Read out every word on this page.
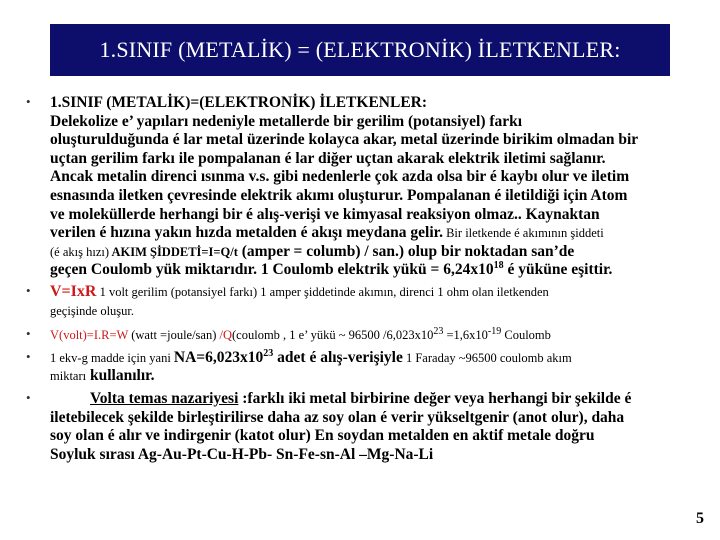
1.SINIF (METALİK) = (ELEKTRONİK) İLETKENLER:
• 1.SINIF (METALİK)=(ELEKTRONİK) İLETKENLER:
Delekolize e’ yapıları nedeniyle metallerde bir gerilim (potansiyel) farkı
oluşturulduğunda é lar metal üzerinde kolayca akar, metal üzerinde birikim olmadan bir
uçtan gerilim farkı ile pompalanan é lar diğer uçtan akarak elektrik iletimi sağlanır.
Ancak metalin direnci ısınma v.s. gibi nedenlerle çok azda olsa bir é kaybı olur ve iletim
esnasında iletken çevresinde elektrik akımı oluşturur. Pompalanan é iletildiği için Atom
ve moleküllerde herhangi bir é alış-verişi ve kimyasal reaksiyon olmaz.. Kaynaktan
verilen é hızına yakın hızda metalden é akışı meydana gelir. Bir iletkende é akımının şiddeti
(é akış hızı) AKIM ŞİDDETİ=I=Q/t (amper = columb) / san.) olup bir noktadan san’de
geçen Coulomb yük miktarıdır. 1 Coulomb elektrik yükü = $6,24x10^{18}$ é yüküne eşittir.
• V=IxR 1 volt gerilim (potansiyel farkı) 1 amper şiddetinde akımın, direnci 1 ohm olan iletkenden
geçişinde oluşur.
• V(volt)=I.R=W (watt =joule/san) /Q(coulomb , 1 e’ yükü ~ 96500 $/6,023x10^{23} =1,6x10^{-19}$ Coulomb
• 1 ekv-g madde için yani $NA=6,023x10^{23}$ adet é alış-verişiyle 1 Faraday ~96500 coulomb akım
miktarı kullanılır.
•	Volta temas nazariyesi :farklı iki metal birbirine değer veya herhangi bir şekilde é
iletebilecek şekilde birleştirilirse daha az soy olan é verir yükseltgenir (anot olur), daha
soy olan é alır ve indirgenir (katot olur) En soydan metalden en aktif metale doğru
Soyluk sırası Ag-Au-Pt-Cu-H-Pb- Sn-Fe-sn-Al –Mg-Na-Li
5
